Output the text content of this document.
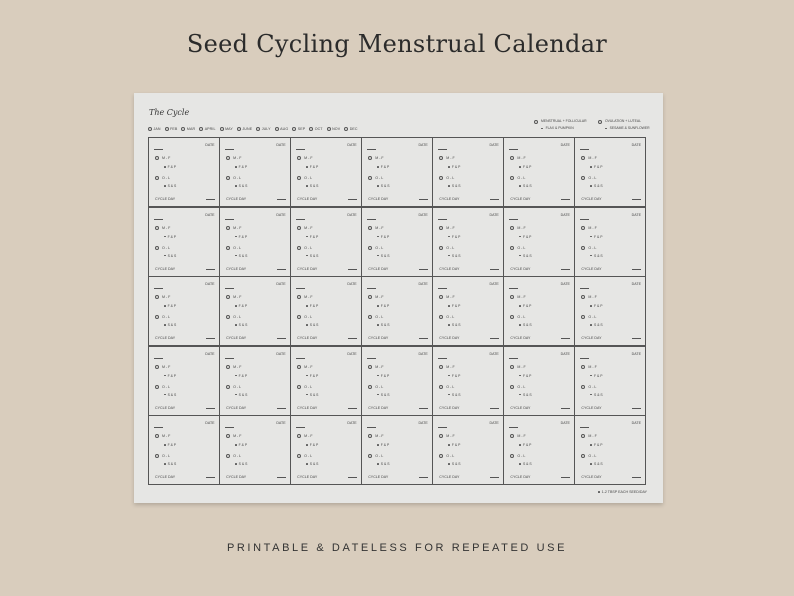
Seed Cycling Menstrual Calendar
The Cycle
JAN	FEB	MAR	APRIL	MAY	JUNE	JULY	AUG	SEP	OCT	NOV	DEC
MENSTRUAL + FOLLICULAR
FLAX & PUMPKIN
OVULATION + LUTEAL
SESAME & SUNFLOWER
DATE
M - F
F & P
O - L
S & S
CYCLE DAY
DATE
M - F
F & P
O - L
S & S
CYCLE DAY
DATE
M - F
F & P
O - L
S & S
CYCLE DAY
DATE
M - F
F & P
O - L
S & S
CYCLE DAY
DATE
M - F
F & P
O - L
S & S
CYCLE DAY
DATE
M - F
F & P
O - L
S & S
CYCLE DAY
DATE
M - F
F & P
O - L
S & S
CYCLE DAY
DATE
M - F
F & P
O - L
S & S
CYCLE DAY
DATE
M - F
F & P
O - L
S & S
CYCLE DAY
DATE
M - F
F & P
O - L
S & S
CYCLE DAY
DATE
M - F
F & P
O - L
S & S
CYCLE DAY
DATE
M - F
F & P
O - L
S & S
CYCLE DAY
DATE
M - F
F & P
O - L
S & S
CYCLE DAY
DATE
M - F
F & P
O - L
S & S
CYCLE DAY
DATE
M - F
F & P
O - L
S & S
CYCLE DAY
DATE
M - F
F & P
O - L
S & S
CYCLE DAY
DATE
M - F
F & P
O - L
S & S
CYCLE DAY
DATE
M - F
F & P
O - L
S & S
CYCLE DAY
DATE
M - F
F & P
O - L
S & S
CYCLE DAY
DATE
M - F
F & P
O - L
S & S
CYCLE DAY
DATE
M - F
F & P
O - L
S & S
CYCLE DAY
DATE
M - F
F & P
O - L
S & S
CYCLE DAY
DATE
M - F
F & P
O - L
S & S
CYCLE DAY
DATE
M - F
F & P
O - L
S & S
CYCLE DAY
DATE
M - F
F & P
O - L
S & S
CYCLE DAY
DATE
M - F
F & P
O - L
S & S
CYCLE DAY
DATE
M - F
F & P
O - L
S & S
CYCLE DAY
DATE
M - F
F & P
O - L
S & S
CYCLE DAY
DATE
M - F
F & P
O - L
S & S
CYCLE DAY
DATE
M - F
F & P
O - L
S & S
CYCLE DAY
DATE
M - F
F & P
O - L
S & S
CYCLE DAY
DATE
M - F
F & P
O - L
S & S
CYCLE DAY
DATE
M - F
F & P
O - L
S & S
CYCLE DAY
DATE
M - F
F & P
O - L
S & S
CYCLE DAY
DATE
M - F
F & P
O - L
S & S
CYCLE DAY
1-2 TBSP EACH SEED/DAY
PRINTABLE & DATELESS FOR REPEATED USE
